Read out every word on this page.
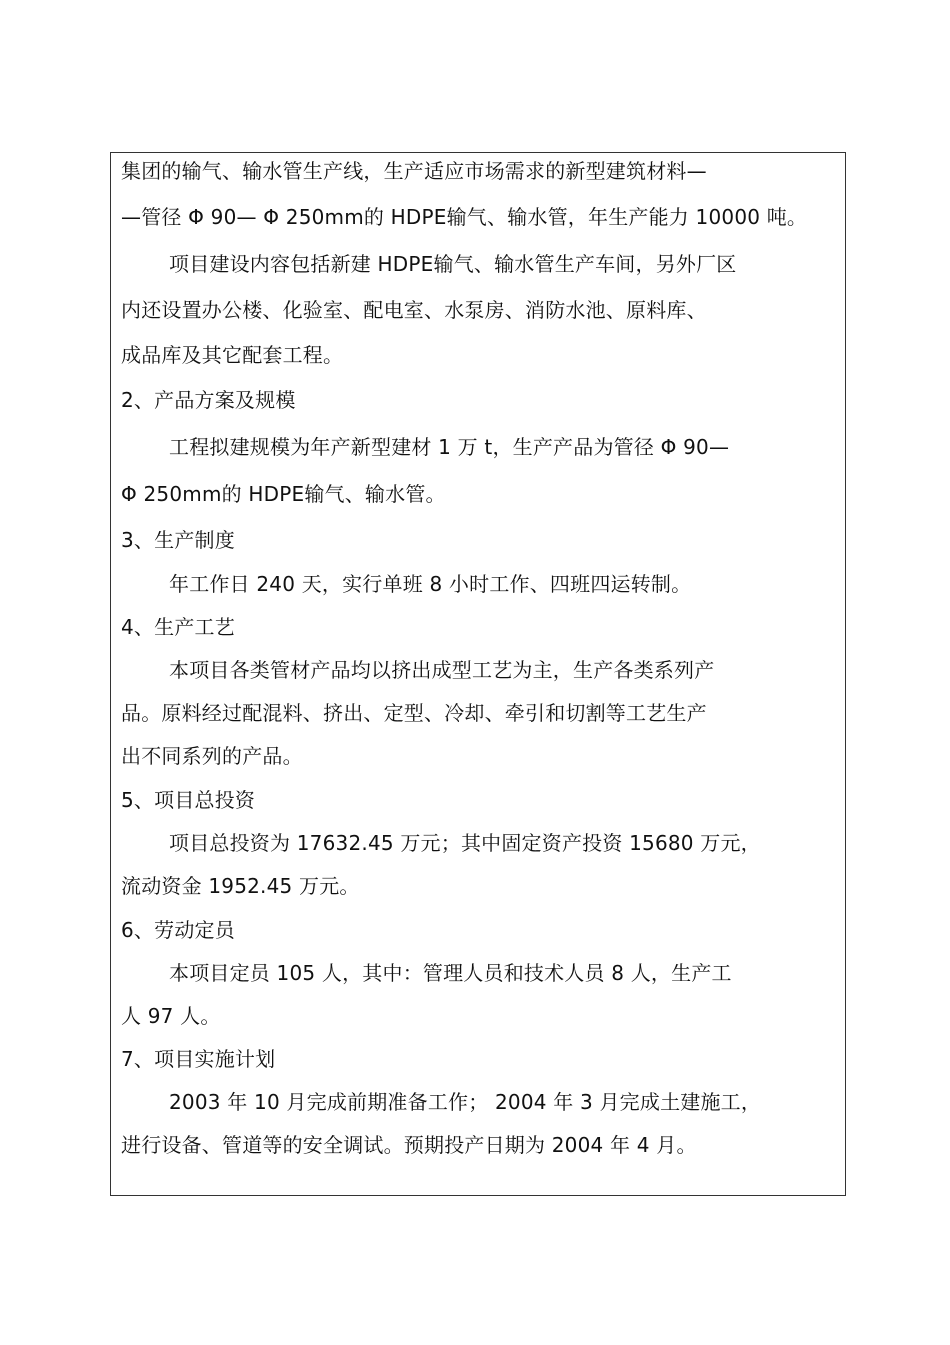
集团的输气、输水管生产线，生产适应市场需求的新型建筑材料—
—管径 Φ 90— Φ 250mm的 HDPE输气、输水管，年生产能力 10000 吨。
项目建设内容包括新建 HDPE输气、输水管生产车间，另外厂区
内还设置办公楼、化验室、配电室、水泵房、消防水池、原料库、
成品库及其它配套工程。
2、产品方案及规模
工程拟建规模为年产新型建材 1 万 t，生产产品为管径 Φ 90—
Φ 250mm的 HDPE输气、输水管。
3、生产制度
年工作日 240 天，实行单班 8 小时工作、四班四运转制。
4、生产工艺
本项目各类管材产品均以挤出成型工艺为主，生产各类系列产
品。原料经过配混料、挤出、定型、冷却、牵引和切割等工艺生产
出不同系列的产品。
5、项目总投资
项目总投资为 17632.45 万元；其中固定资产投资 15680 万元，
流动资金 1952.45 万元。
6、劳动定员
本项目定员 105 人，其中：管理人员和技术人员 8 人，生产工
人 97 人。
7、项目实施计划
2003 年 10 月完成前期准备工作； 2004 年 3 月完成土建施工，
进行设备、管道等的安全调试。预期投产日期为 2004 年 4 月。
